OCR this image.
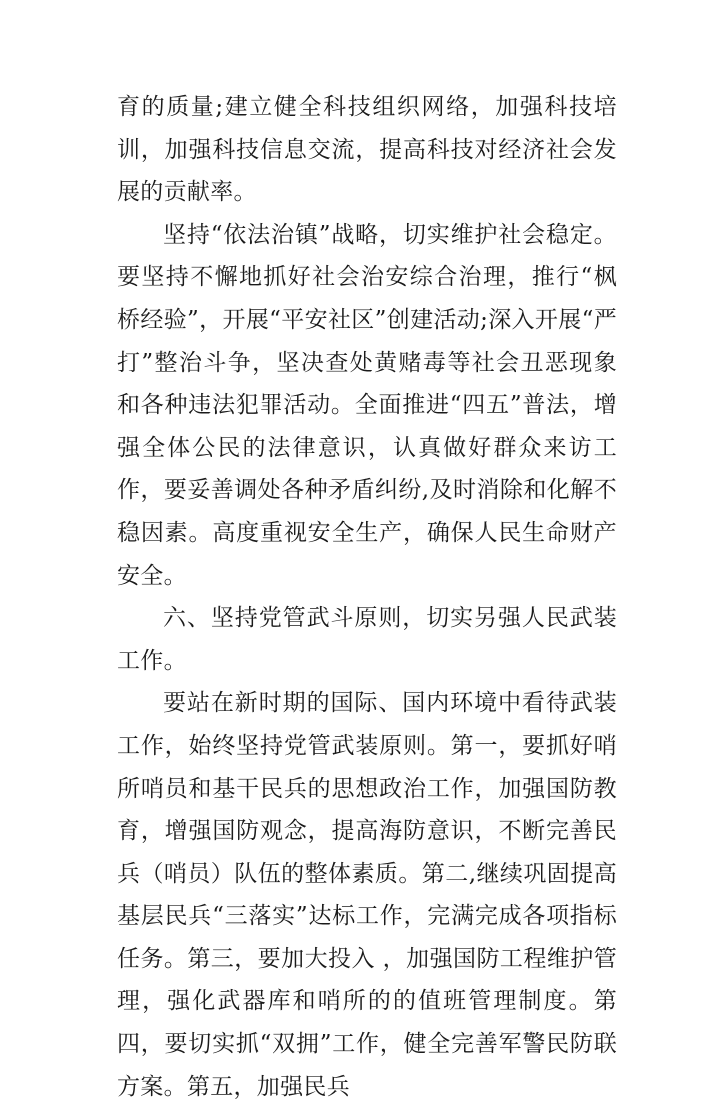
育的质量;建立健全科技组织网络，加强科技培训，加强科技信息交流，提高科技对经济社会发展的贡献率。

坚持“依法治镇”战略，切实维护社会稳定。要坚持不懈地抓好社会治安综合治理，推行“枫桥经验”，开展“平安社区”创建活动;深入开展“严打”整治斗争，坚决查处黄赌毒等社会丑恶现象和各种违法犯罪活动。全面推进“四五”普法，增强全体公民的法律意识，认真做好群众来访工作，要妥善调处各种矛盾纠纷,及时消除和化解不稳因素。高度重视安全生产，确保人民生命财产安全。

六、坚持党管武斗原则，切实另强人民武装工作。

要站在新时期的国际、国内环境中看待武装工作，始终坚持党管武装原则。第一，要抓好哨所哨员和基干民兵的思想政治工作，加强国防教育，增强国防观念，提高海防意识，不断完善民兵（哨员）队伍的整体素质。第二,继续巩固提高基层民兵“三落实”达标工作，完满完成各项指标任务。第三，要加大投入 ，加强国防工程维护管理，强化武器库和哨所的的值班管理制度。第四，要切实抓“双拥”工作，健全完善军警民防联方案。第五，加强民兵
